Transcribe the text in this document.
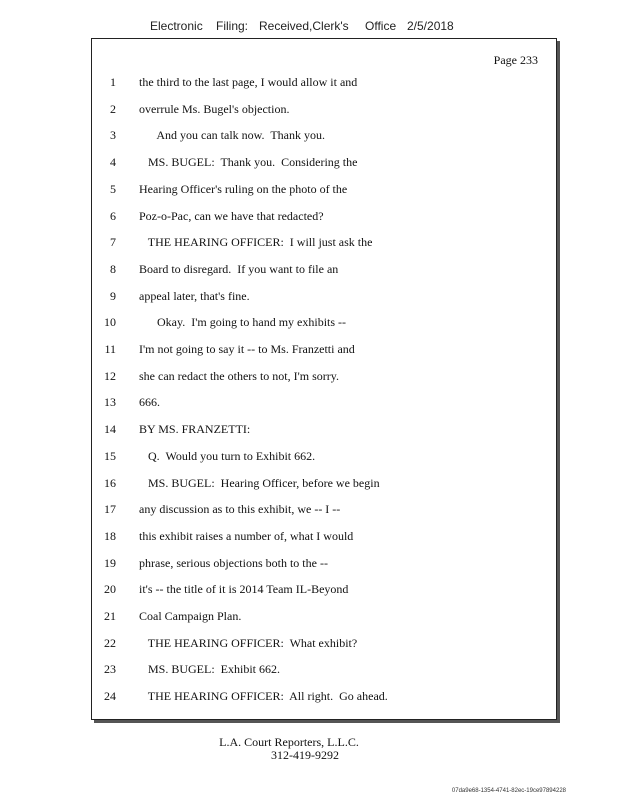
Electronic Filing: Received,Clerk's Office 2/5/2018
Page 233
1 the third to the last page, I would allow it and
2 overrule Ms. Bugel's objection.
3 And you can talk now.  Thank you.
4 MS. BUGEL:  Thank you.  Considering the
5 Hearing Officer's ruling on the photo of the
6 Poz-o-Pac, can we have that redacted?
7 THE HEARING OFFICER:  I will just ask the
8 Board to disregard.  If you want to file an
9 appeal later, that's fine.
10 Okay.  I'm going to hand my exhibits --
11 I'm not going to say it -- to Ms. Franzetti and
12 she can redact the others to not, I'm sorry.
13 666.
14 BY MS. FRANZETTI:
15 Q.  Would you turn to Exhibit 662.
16 MS. BUGEL:  Hearing Officer, before we begin
17 any discussion as to this exhibit, we -- I --
18 this exhibit raises a number of, what I would
19 phrase, serious objections both to the --
20 it's -- the title of it is 2014 Team IL-Beyond
21 Coal Campaign Plan.
22 THE HEARING OFFICER:  What exhibit?
23 MS. BUGEL:  Exhibit 662.
24 THE HEARING OFFICER:  All right.  Go ahead.
L.A. Court Reporters, L.L.C.
312-419-9292
07da9e68-1354-4741-82ec-19ce97894228
